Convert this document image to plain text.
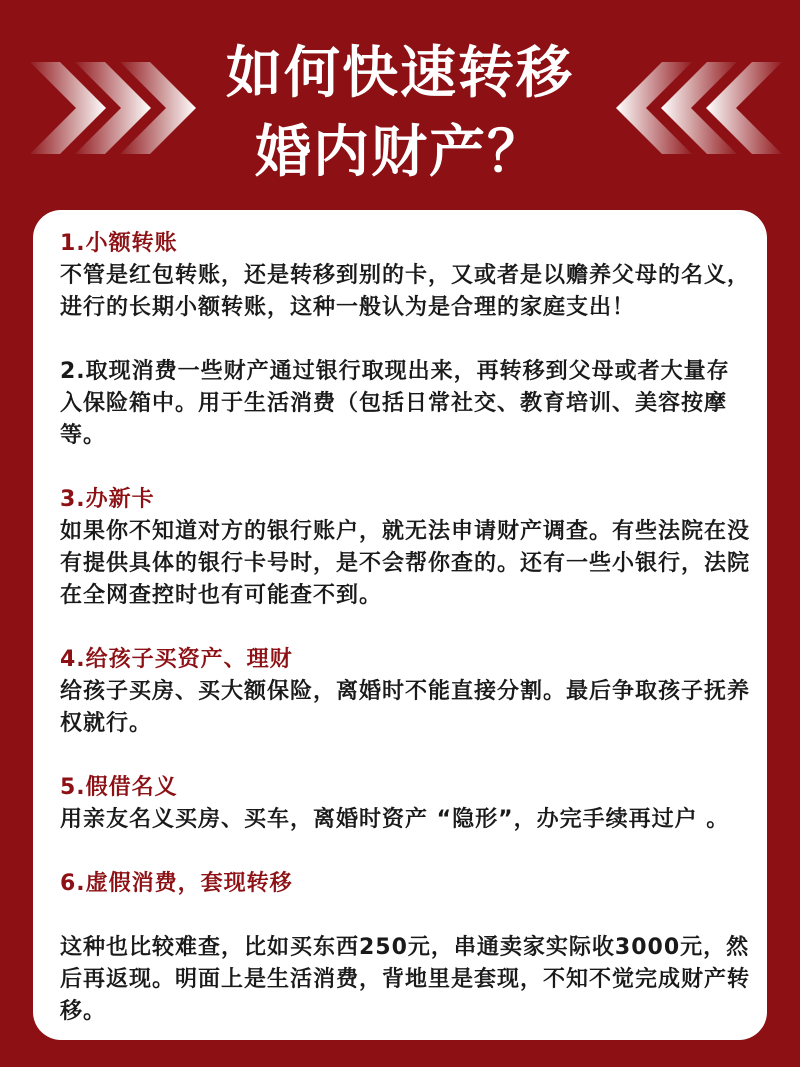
如何快速转移
婚内财产？

1.小额转账

不管是红包转账，还是转移到别的卡，又或者是以赡养父母的名义，进行的长期小额转账，这种一般认为是合理的家庭支出！

2.取现消费一些财产通过银行取现出来，再转移到父母或者大量存入保险箱中。用于生活消费（包括日常社交、教育培训、美容按摩等。

3.办新卡

如果你不知道对方的银行账户，就无法申请财产调查。有些法院在没有提供具体的银行卡号时，是不会帮你查的。还有一些小银行，法院在全网查控时也有可能查不到。

4.给孩子买资产、理财

给孩子买房、买大额保险，离婚时不能直接分割。最后争取孩子抚养权就行。

5.假借名义

用亲友名义买房、买车，离婚时资产 “隐形”，办完手续再过户 。

6.虚假消费，套现转移

这种也比较难查，比如买东西250元，串通卖家实际收3000元，然后再返现。明面上是生活消费，背地里是套现，不知不觉完成财产转移。
